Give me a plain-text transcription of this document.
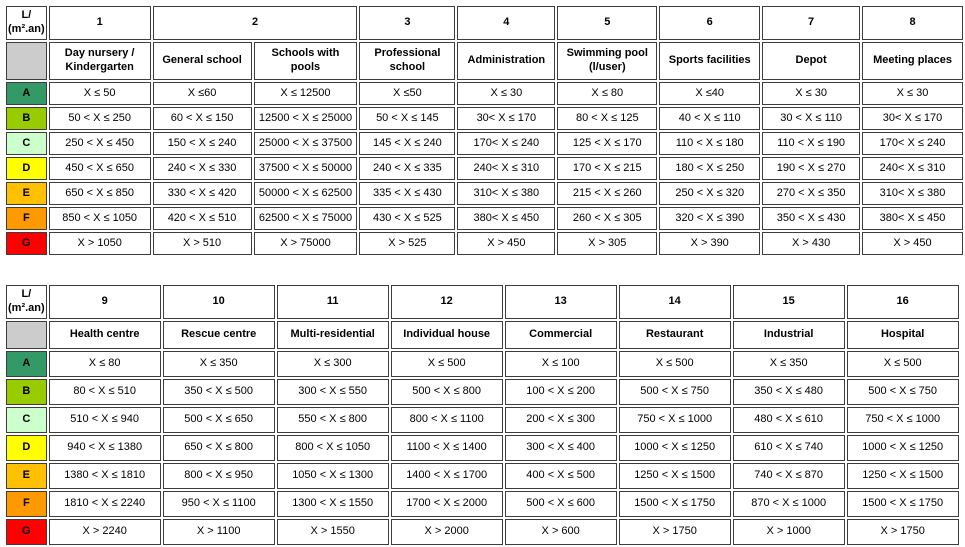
L/
(m².an)	1	2		3	4	5	6	7	8
	Day nursery / Kindergarten	General school	Schools with pools	Professional school	Administration	Swimming pool (l/user)	Sports facilities	Depot	Meeting places
A	X ≤ 50	X ≤60	X ≤ 12500	X ≤50	X ≤ 30	X ≤ 80	X ≤40	X ≤ 30	X ≤ 30
B	50 < X ≤ 250	60 < X ≤ 150	12500 < X ≤ 25000	50 < X ≤ 145	30< X ≤ 170	80 < X ≤ 125	40 < X ≤ 110	30 < X ≤ 110	30< X ≤ 170
C	250 < X ≤ 450	150 < X ≤ 240	25000 < X ≤ 37500	145 < X ≤ 240	170< X ≤ 240	125 < X ≤ 170	110 < X ≤ 180	110 < X ≤ 190	170< X ≤ 240
D	450 < X ≤ 650	240 < X ≤ 330	37500 < X ≤ 50000	240 < X ≤ 335	240< X ≤ 310	170 < X ≤ 215	180 < X ≤ 250	190 < X ≤ 270	240< X ≤ 310
E	650 < X ≤ 850	330 < X ≤ 420	50000 < X ≤ 62500	335 < X ≤ 430	310< X ≤ 380	215 < X ≤ 260	250 < X ≤ 320	270 < X ≤ 350	310< X ≤ 380
F	850 < X ≤ 1050	420 < X ≤ 510	62500 < X ≤ 75000	430 < X ≤ 525	380< X ≤ 450	260 < X ≤ 305	320 < X ≤ 390	350 < X ≤ 430	380< X ≤ 450
G	X > 1050	X > 510	X > 75000	X > 525	X > 450	X > 305	X > 390	X > 430	X > 450
L/
(m².an)	9	10	11	12	13	14	15	16
	Health centre	Rescue centre	Multi-residential	Individual house	Commercial	Restaurant	Industrial	Hospital
A	X ≤ 80	X ≤ 350	X ≤ 300	X ≤ 500	X ≤ 100	X ≤ 500	X ≤ 350	X ≤ 500
B	80 < X ≤ 510	350 < X ≤ 500	300 < X ≤ 550	500 < X ≤ 800	100 < X ≤ 200	500 < X ≤ 750	350 < X ≤ 480	500 < X ≤ 750
C	510 < X ≤ 940	500 < X ≤ 650	550 < X ≤ 800	800 < X ≤ 1100	200 < X ≤ 300	750 < X ≤ 1000	480 < X ≤ 610	750 < X ≤ 1000
D	940 < X ≤ 1380	650 < X ≤ 800	800 < X ≤ 1050	1100 < X ≤ 1400	300 < X ≤ 400	1000 < X ≤ 1250	610 < X ≤ 740	1000 < X ≤ 1250
E	1380 < X ≤ 1810	800 < X ≤ 950	1050 < X ≤ 1300	1400 < X ≤ 1700	400 < X ≤ 500	1250 < X ≤ 1500	740 < X ≤ 870	1250 < X ≤ 1500
F	1810 < X ≤ 2240	950 < X ≤ 1100	1300 < X ≤ 1550	1700 < X ≤ 2000	500 < X ≤ 600	1500 < X ≤ 1750	870 < X ≤ 1000	1500 < X ≤ 1750
G	X > 2240	X > 1100	X > 1550	X > 2000	X > 600	X > 1750	X > 1000	X > 1750
